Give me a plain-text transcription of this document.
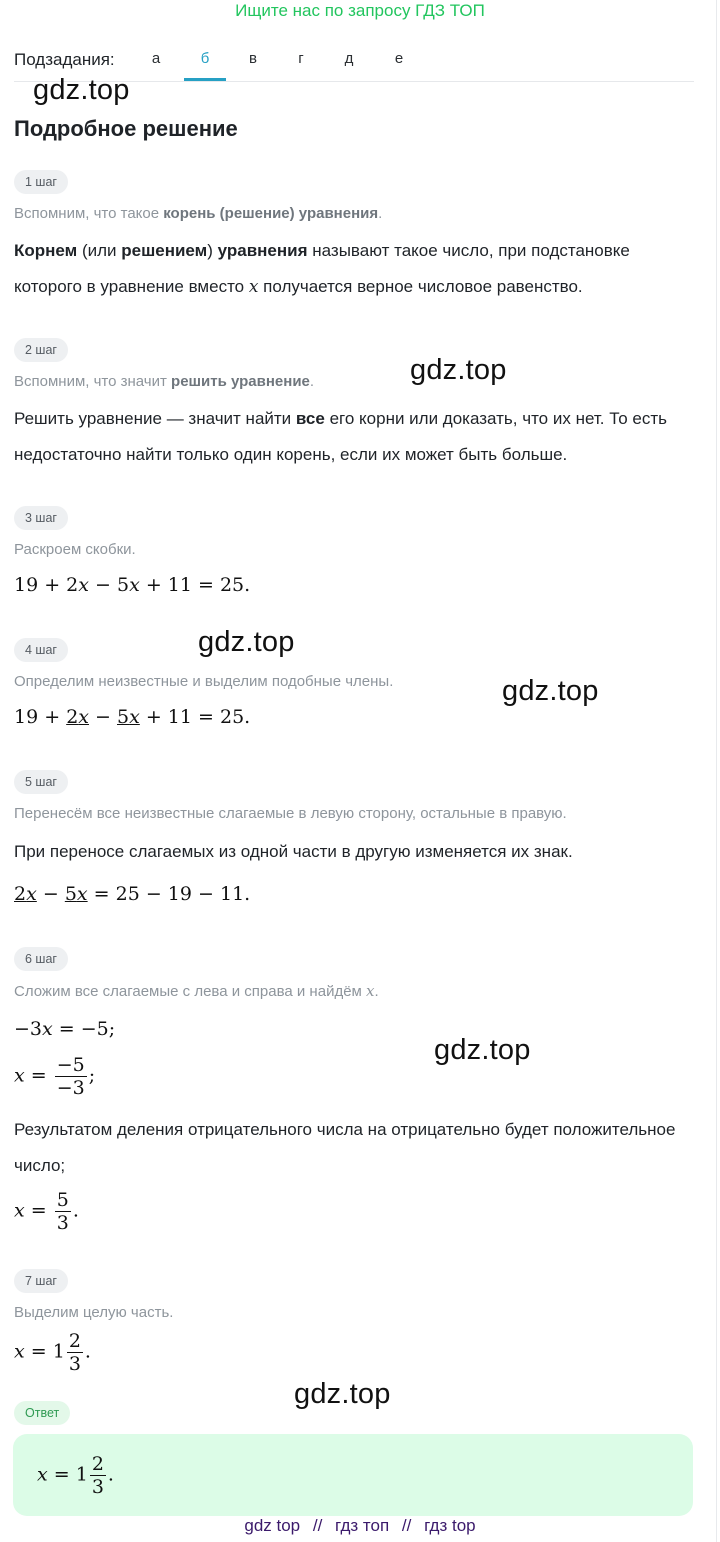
Ищите нас по запросу ГДЗ ТОП
Подзадания:	а	б	в	г	д	е
gdz.top
gdz.top
gdz.top
gdz.top
gdz.top
gdz.top
Подробное решение
1 шаг
Вспомним, что такое корень (решение) уравнения.
Корнем (или решением) уравнения называют такое число, при подстановке которого в уравнение вместо x получается верное числовое равенство.
2 шаг
Вспомним, что значит решить уравнение.
Решить уравнение — значит найти все его корни или доказать, что их нет. То есть недостаточно найти только один корень, если их может быть больше.
3 шаг
Раскроем скобки.
19 + 2x − 5x + 11 = 25.
4 шаг
Определим неизвестные и выделим подобные члены.
19 + 2x − 5x + 11 = 25.
5 шаг
Перенесём все неизвестные слагаемые в левую сторону, остальные в правую.
При переносе слагаемых из одной части в другую изменяется их знак.
2x − 5x = 25 − 19 − 11.
6 шаг
Сложим все слагаемые с лева и справа и найдём x.
−3x = −5;
$x = \frac{-5}{-3}$ ;
Результатом деления отрицательного числа на отрицательно будет положительное число;
$x = \frac{5}{3}$ .
7 шаг
Выделим целую часть.
$x = 1 \frac{2}{3}$ .
Ответ
$x = 1 \frac{2}{3}$ .
gdz top // гдз топ // гдз top
